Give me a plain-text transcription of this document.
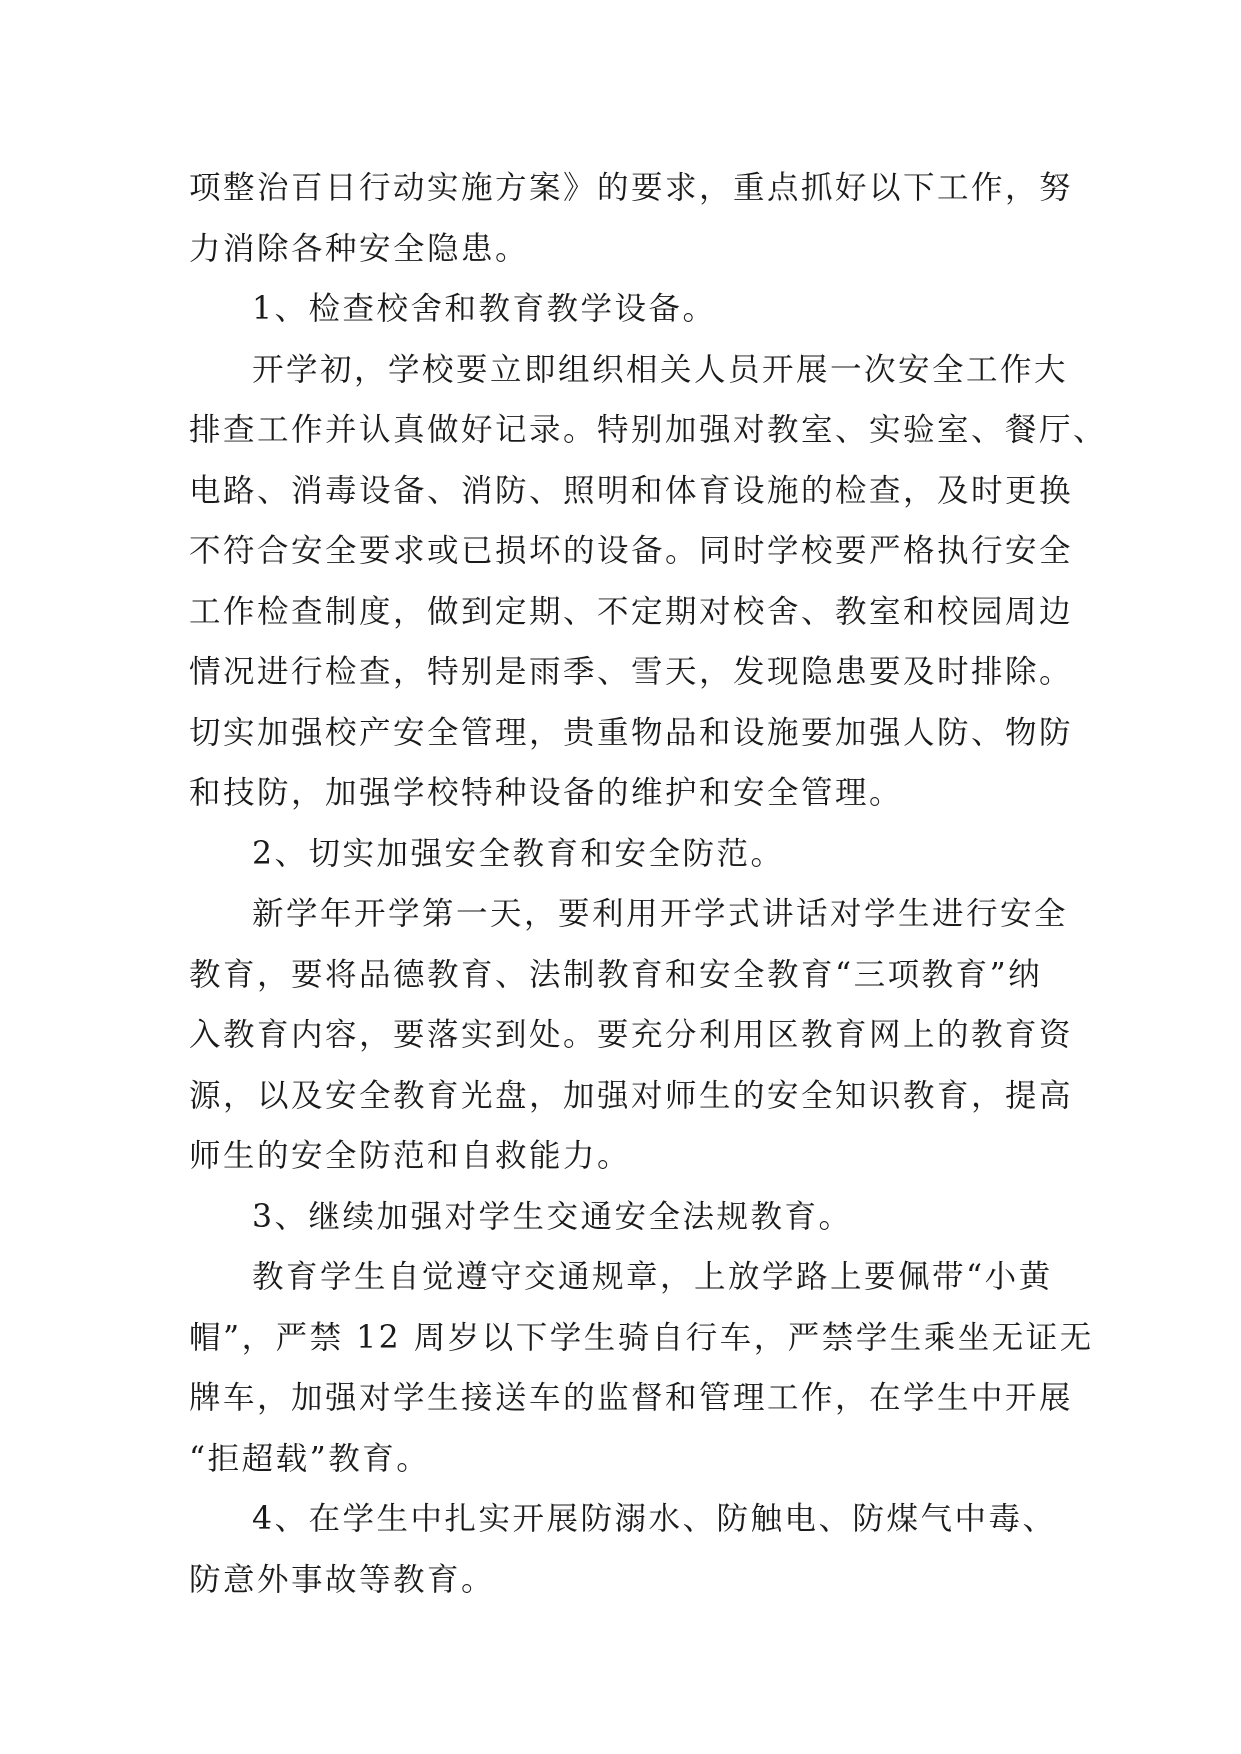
项整治百日行动实施方案》的要求，重点抓好以下工作，努
力消除各种安全隐患。
1、检查校舍和教育教学设备。
开学初，学校要立即组织相关人员开展一次安全工作大
排查工作并认真做好记录。特别加强对教室、实验室、餐厅、
电路、消毒设备、消防、照明和体育设施的检查，及时更换
不符合安全要求或已损坏的设备。同时学校要严格执行安全
工作检查制度，做到定期、不定期对校舍、教室和校园周边
情况进行检查，特别是雨季、雪天，发现隐患要及时排除。
切实加强校产安全管理，贵重物品和设施要加强人防、物防
和技防，加强学校特种设备的维护和安全管理。
2、切实加强安全教育和安全防范。
新学年开学第一天，要利用开学式讲话对学生进行安全
教育，要将品德教育、法制教育和安全教育“三项教育”纳
入教育内容，要落实到处。要充分利用区教育网上的教育资
源，以及安全教育光盘，加强对师生的安全知识教育，提高
师生的安全防范和自救能力。
3、继续加强对学生交通安全法规教育。
教育学生自觉遵守交通规章，上放学路上要佩带“小黄
帽”，严禁 12 周岁以下学生骑自行车，严禁学生乘坐无证无
牌车，加强对学生接送车的监督和管理工作，在学生中开展
“拒超载”教育。
4、在学生中扎实开展防溺水、防触电、防煤气中毒、
防意外事故等教育。
